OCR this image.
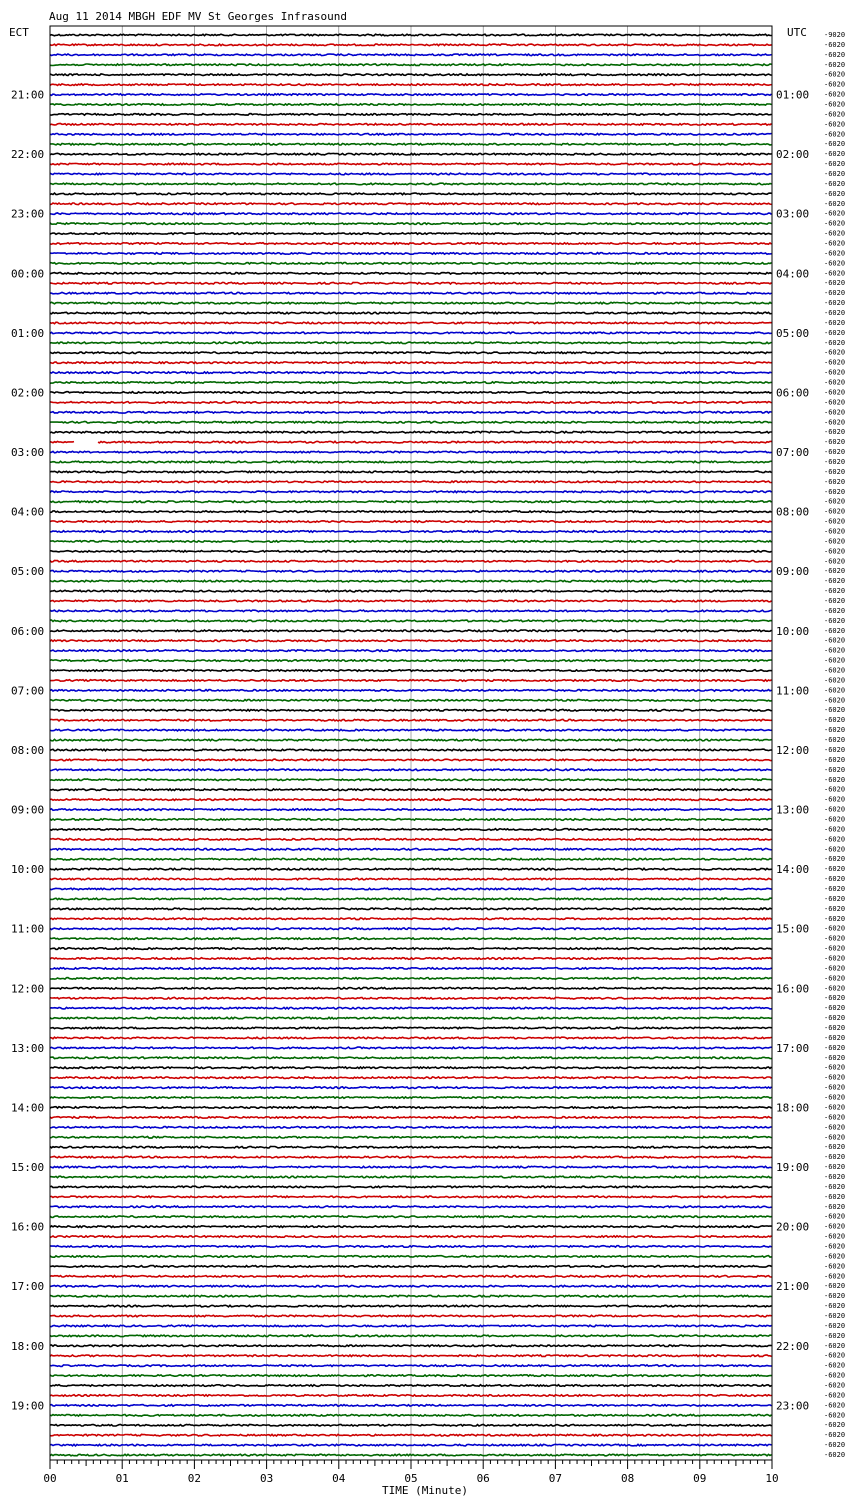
Aug 11 2014 MBGH EDF MV St Georges Infrasound
ECT	UTC
21:00
22:00
23:00
00:00
01:00
02:00
03:00
04:00
05:00
06:00
07:00
08:00
09:00
10:00
11:00
12:00
13:00
14:00
15:00
16:00
17:00
18:00
19:00
01:00
02:00
03:00
04:00
05:00
06:00
07:00
08:00
09:00
10:00
11:00
12:00
13:00
14:00
15:00
16:00
17:00
18:00
19:00
20:00
21:00
22:00
23:00
-9020
-6020
-6020
-6020
-6020
-6020
-6020
-6020
-6020
-6020
-6020
-6020
-6020
-6020
-6020
-6020
-6020
-6020
-6020
-6020
-6020
-6020
-6020
-6020
-6020
-6020
-6020
-6020
-6020
-6020
-6020
-6020
-6020
-6020
-6020
-6020
-6020
-6020
-6020
-6020
-6020
-6020
-6020
-6020
-6020
-6020
-6020
-6020
-6020
-6020
-6020
-6020
-6020
-6020
-6020
-6020
-6020
-6020
-6020
-6020
-6020
-6020
-6020
-6020
-6020
-6020
-6020
-6020
-6020
-6020
-6020
-6020
-6020
-6020
-6020
-6020
-6020
-6020
-6020
-6020
-6020
-6020
-6020
-6020
-6020
-6020
-6020
-6020
-6020
-6020
-6020
-6020
-6020
-6020
-6020
-6020
-6020
-6020
-6020
-6020
-6020
-6020
-6020
-6020
-6020
-6020
-6020
-6020
-6020
-6020
-6020
-6020
-6020
-6020
-6020
-6020
-6020
-6020
-6020
-6020
-6020
-6020
-6020
-6020
-6020
-6020
-6020
-6020
-6020
-6020
-6020
-6020
-6020
-6020
-6020
-6020
-6020
-6020
-6020
-6020
-6020
-6020
-6020
-6020
00	01	02	03	04	05	06	07	08	09	10
TIME (Minute)
